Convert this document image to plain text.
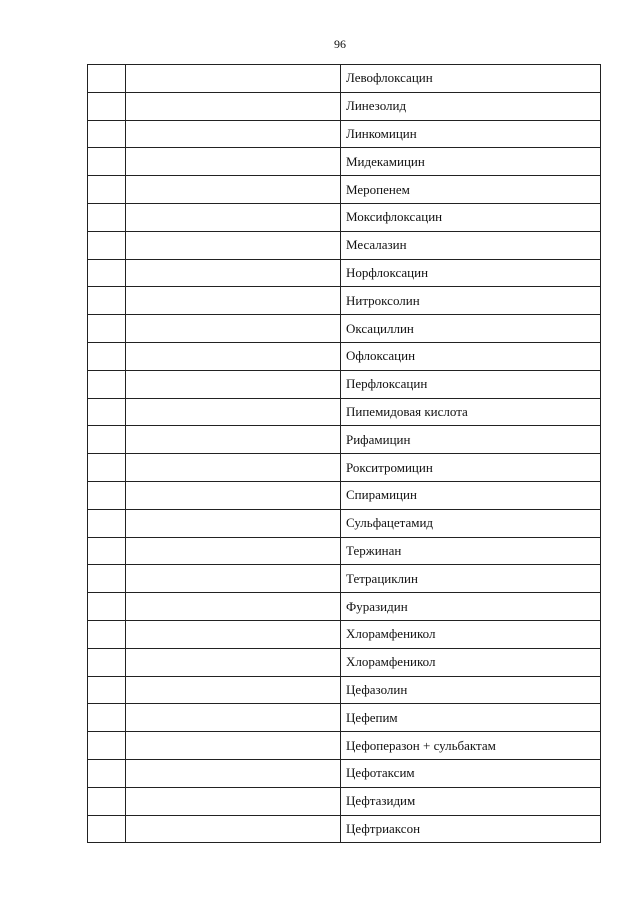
96
		Левофлоксацин
		Линезолид
		Линкомицин
		Мидекамицин
		Меропенем
		Моксифлоксацин
		Месалазин
		Норфлоксацин
		Нитроксолин
		Оксациллин
		Офлоксацин
		Перфлоксацин
		Пипемидовая кислота
		Рифамицин
		Рокситромицин
		Спирамицин
		Сульфацетамид
		Тержинан
		Тетрациклин
		Фуразидин
		Хлорамфеникол
		Хлорамфеникол
		Цефазолин
		Цефепим
		Цефоперазон + сульбактам
		Цефотаксим
		Цефтазидим
		Цефтриаксон
